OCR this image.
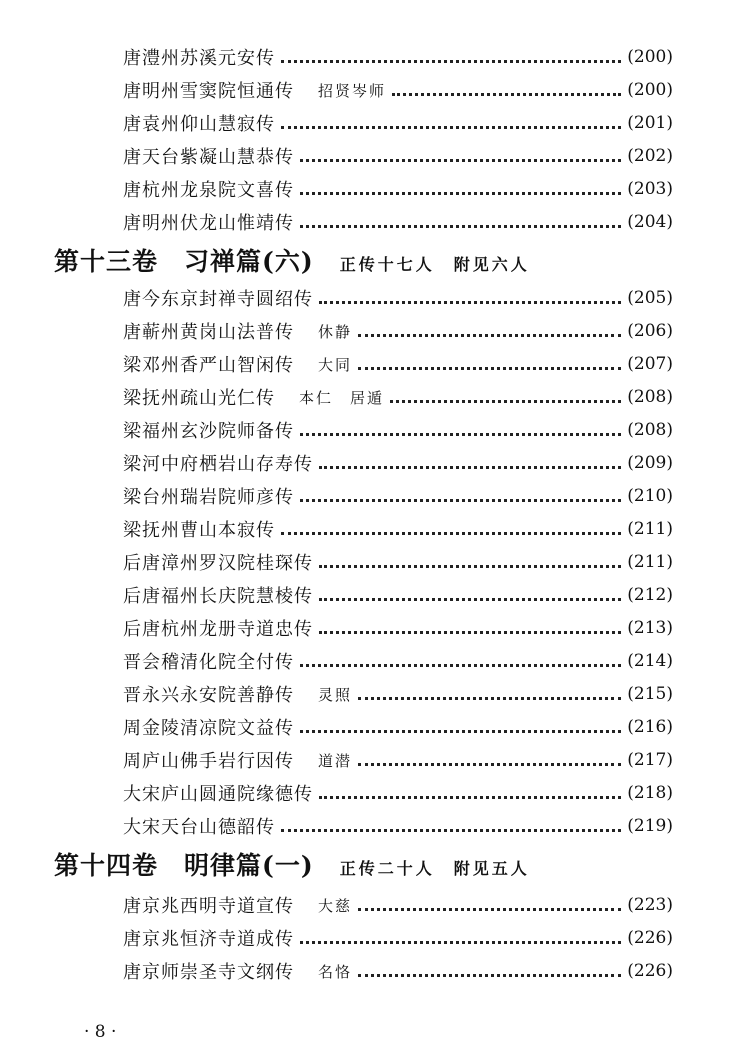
唐澧州苏溪元安传	(200)
唐明州雪窦院恒通传 招贤岑师	(200)
唐袁州仰山慧寂传	(201)
唐天台紫凝山慧恭传	(202)
唐杭州龙泉院文喜传	(203)
唐明州伏龙山惟靖传	(204)
第十三卷 习禅篇(六) 正传十七人　附见六人
唐今东京封禅寺圆绍传	(205)
唐蕲州黄岗山法普传 休静	(206)
梁邓州香严山智闲传 大同	(207)
梁抚州疏山光仁传 本仁　居遁	(208)
梁福州玄沙院师备传	(208)
梁河中府栖岩山存寿传	(209)
梁台州瑞岩院师彦传	(210)
梁抚州曹山本寂传	(211)
后唐漳州罗汉院桂琛传	(211)
后唐福州长庆院慧棱传	(212)
后唐杭州龙册寺道忠传	(213)
晋会稽清化院全付传	(214)
晋永兴永安院善静传 灵照	(215)
周金陵清凉院文益传	(216)
周庐山佛手岩行因传 道潜	(217)
大宋庐山圆通院缘德传	(218)
大宋天台山德韶传	(219)
第十四卷 明律篇(一) 正传二十人　附见五人
唐京兆西明寺道宣传 大慈	(223)
唐京兆恒济寺道成传	(226)
唐京师崇圣寺文纲传 名恪	(226)
· 8 ·
